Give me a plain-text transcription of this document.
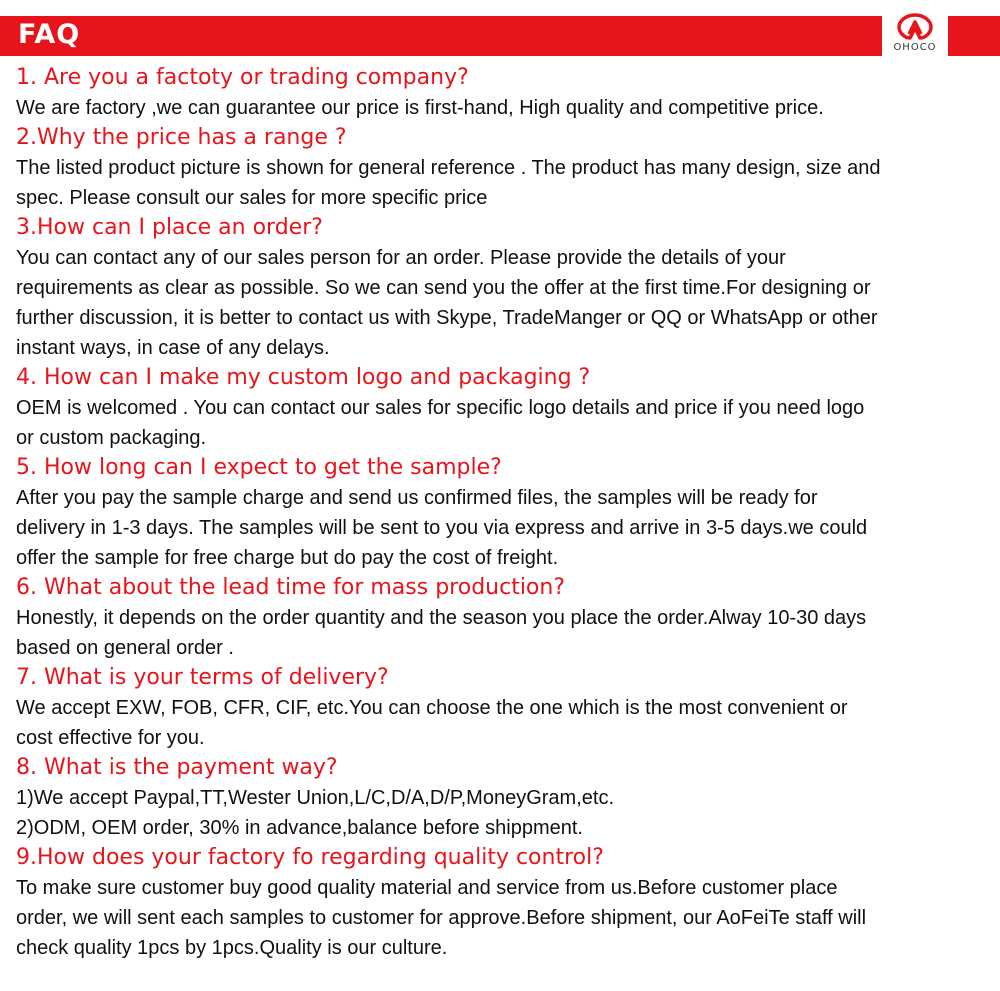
FAQ	OHOCO
1. Are you a factoty or trading company?
We are factory ,we can guarantee our price is first-hand, High quality and competitive price.
2.Why the price has a range ?
The listed product picture is shown for general reference . The product has many design, size and
spec. Please consult our sales for more specific price
3.How can I place an order?
You can contact any of our sales person for an order. Please provide the details of your
requirements as clear as possible. So we can send you the offer at the first time.For designing or
further discussion, it is better to contact us with Skype, TradeManger or QQ or WhatsApp or other
instant ways, in case of any delays.
4. How can I make my custom logo and packaging ?
OEM is welcomed . You can contact our sales for specific logo details and price if you need logo
or custom packaging.
5. How long can I expect to get the sample?
After you pay the sample charge and send us confirmed files, the samples will be ready for
delivery in 1-3 days. The samples will be sent to you via express and arrive in 3-5 days.we could
offer the sample for free charge but do pay the cost of freight.
6. What about the lead time for mass production?
Honestly, it depends on the order quantity and the season you place the order.Alway 10-30 days
based on general order .
7. What is your terms of delivery?
We accept EXW, FOB, CFR, CIF, etc.You can choose the one which is the most convenient or
cost effective for you.
8. What is the payment way?
1)We accept Paypal,TT,Wester Union,L/C,D/A,D/P,MoneyGram,etc.
2)ODM, OEM order, 30% in advance,balance before shippment.
9.How does your factory fo regarding quality control?
To make sure customer buy good quality material and service from us.Before customer place
order, we will sent each samples to customer for approve.Before shipment, our AoFeiTe staff will
check quality 1pcs by 1pcs.Quality is our culture.
